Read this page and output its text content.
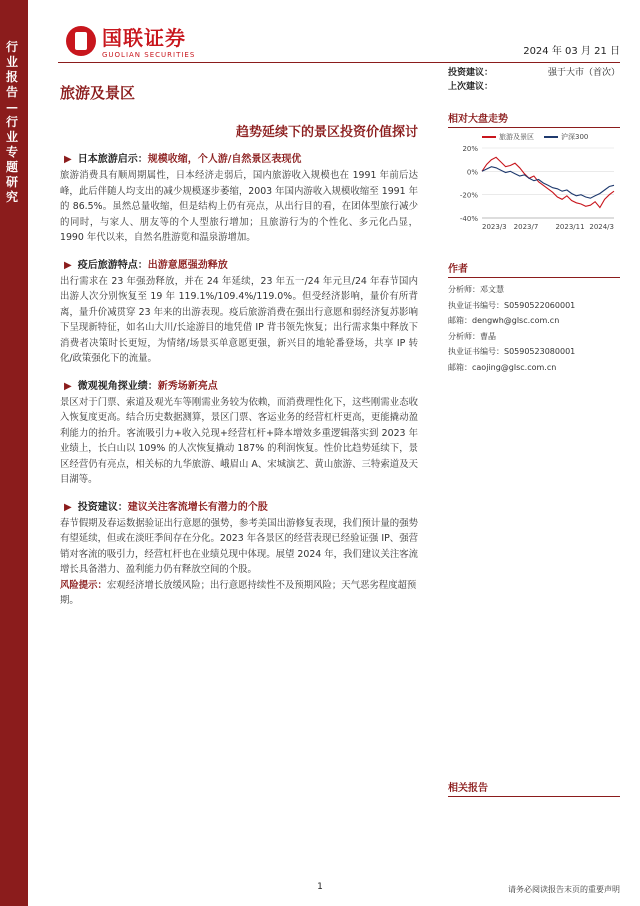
行业报告—行业专题研究
国联证券
GUOLIAN SECURITIES	2024 年 03 月 21 日
旅游及景区
趋势延续下的景区投资价值探讨
▶ 日本旅游启示：规模收缩，个人游/自然景区表现优
旅游消费具有顺周期属性，日本经济走弱后，国内旅游收入规模也在 1991 年前后达峰，此后伴随人均支出的减少规模逐步萎缩，2003 年国内游收入规模收缩至 1991 年的 86.5%。虽然总量收缩，但是结构上仍有亮点，从出行目的看，在团体型旅行减少的同时，与家人、朋友等的个人型旅行增加；且旅游行为的个性化、多元化凸显，1990 年代以来，自然名胜游览和温泉游增加。
▶ 疫后旅游特点：出游意愿强劲释放
出行需求在 23 年强劲释放，并在 24 年延续，23 年五一/24 年元旦/24 年春节国内出游人次分别恢复至 19 年 119.1%/109.4%/119.0%。但受经济影响，量价有所背离，量升价减贯穿 23 年来的出游表现。疫后旅游消费在强出行意愿和弱经济复苏影响下呈现新特征，如名山大川/长途游目的地凭借 IP 背书领先恢复；出行需求集中释放下消费者决策时长更短，为情绪/场景买单意愿更强，新兴目的地轮番登场，共享 IP 转化/政策强化下的流量。
▶ 微观视角探业绩：新秀场新亮点
景区对于门票、索道及观光车等刚需业务较为依赖，而消费理性化下，这些刚需业态收入恢复度更高。结合历史数据测算，景区门票、客运业务的经营杠杆更高，更能撬动盈利能力的抬升。客流吸引力+收入兑现+经营杠杆+降本增效多重逻辑落实到 2023 年业绩上，长白山以 109% 的人次恢复撬动 187% 的利润恢复。性价比趋势延续下，景区经营仍有亮点，相关标的九华旅游、峨眉山 A、宋城演艺、黄山旅游、三特索道及天目湖等。
▶ 投资建议：建议关注客流增长有潜力的个股
春节假期及春运数据验证出行意愿的强势，参考美国出游修复表现，我们预计量的强势有望延续，但或在淡旺季间存在分化。2023 年各景区的经营表现已经验证强 IP、强营销对客流的吸引力，经营杠杆也在业绩兑现中体现。展望 2024 年，我们建议关注客流增长具备潜力、盈利能力仍有释放空间的个股。
风险提示：宏观经济增长放缓风险；出行意愿持续性不及预期风险；天气恶劣程度超预期。
投资建议：	强于大市（首次）
上次建议：
相对大盘走势
旅游及景区	沪深300
20%
0%
-20%
-40%
2023/3 2023/7 2023/11 2024/3
作者
分析师：邓文慧
执业证书编号：S0590522060001
邮箱：dengwh@glsc.com.cn
分析师：曹晶
执业证书编号：S0590523080001
邮箱：caojing@glsc.com.cn
相关报告
1	请务必阅读报告末页的重要声明
